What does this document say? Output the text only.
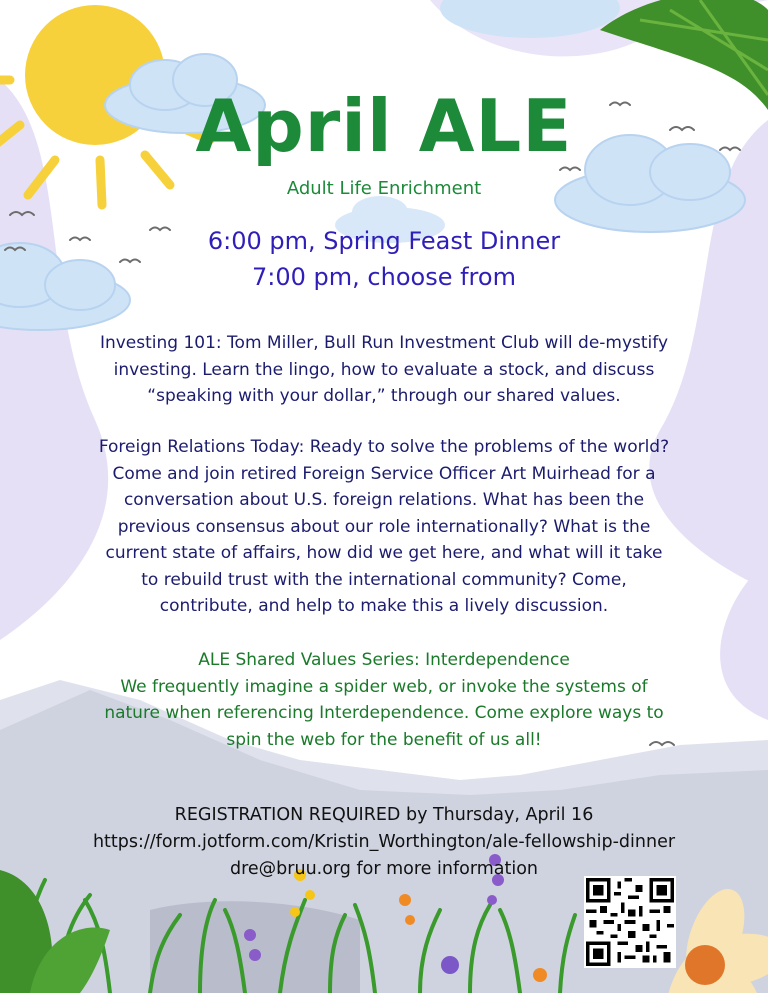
April ALE
Adult Life Enrichment
6:00 pm, Spring Feast Dinner
7:00 pm, choose from
Investing 101: Tom Miller, Bull Run Investment Club will de-mystify
investing. Learn the lingo, how to evaluate a stock, and discuss
“speaking with your dollar,” through our shared values.
Foreign Relations Today: Ready to solve the problems of the world?
Come and join retired Foreign Service Officer Art Muirhead for a
conversation about U.S. foreign relations. What has been the
previous consensus about our role internationally? What is the
current state of affairs, how did we get here, and what will it take
to rebuild trust with the international community? Come,
contribute, and help to make this a lively discussion.
ALE Shared Values Series: Interdependence
We frequently imagine a spider web, or invoke the systems of
nature when referencing Interdependence. Come explore ways to
spin the web for the benefit of us all!
REGISTRATION REQUIRED by Thursday, April 16
https://form.jotform.com/Kristin_Worthington/ale-fellowship-dinner
dre@bruu.org for more information
